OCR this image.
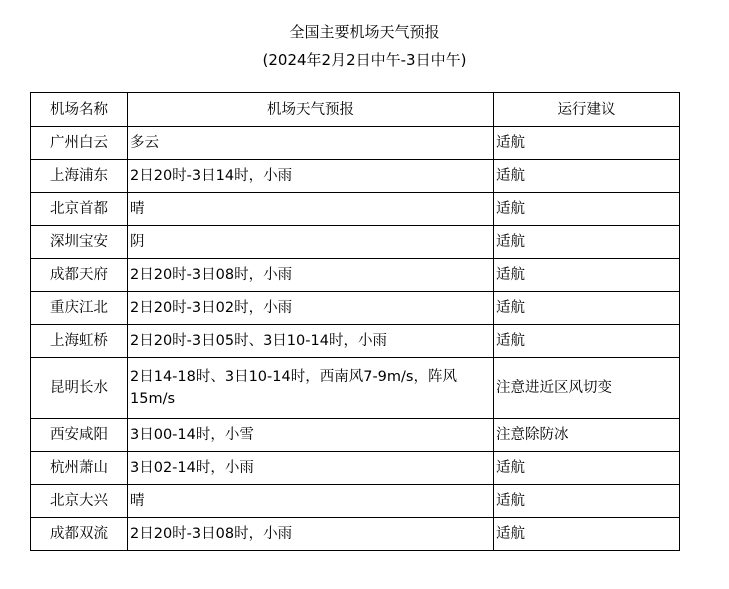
全国主要机场天气预报
(2024年2月2日中午-3日中午)
机场名称	机场天气预报	运行建议
广州白云	多云	适航
上海浦东	2日20时-3日14时，小雨	适航
北京首都	晴	适航
深圳宝安	阴	适航
成都天府	2日20时-3日08时，小雨	适航
重庆江北	2日20时-3日02时，小雨	适航
上海虹桥	2日20时-3日05时、3日10-14时，小雨	适航
昆明长水	2日14-18时、3日10-14时，西南风7-9m/s，阵风15m/s	注意进近区风切变
西安咸阳	3日00-14时，小雪	注意除防冰
杭州萧山	3日02-14时，小雨	适航
北京大兴	晴	适航
成都双流	2日20时-3日08时，小雨	适航
